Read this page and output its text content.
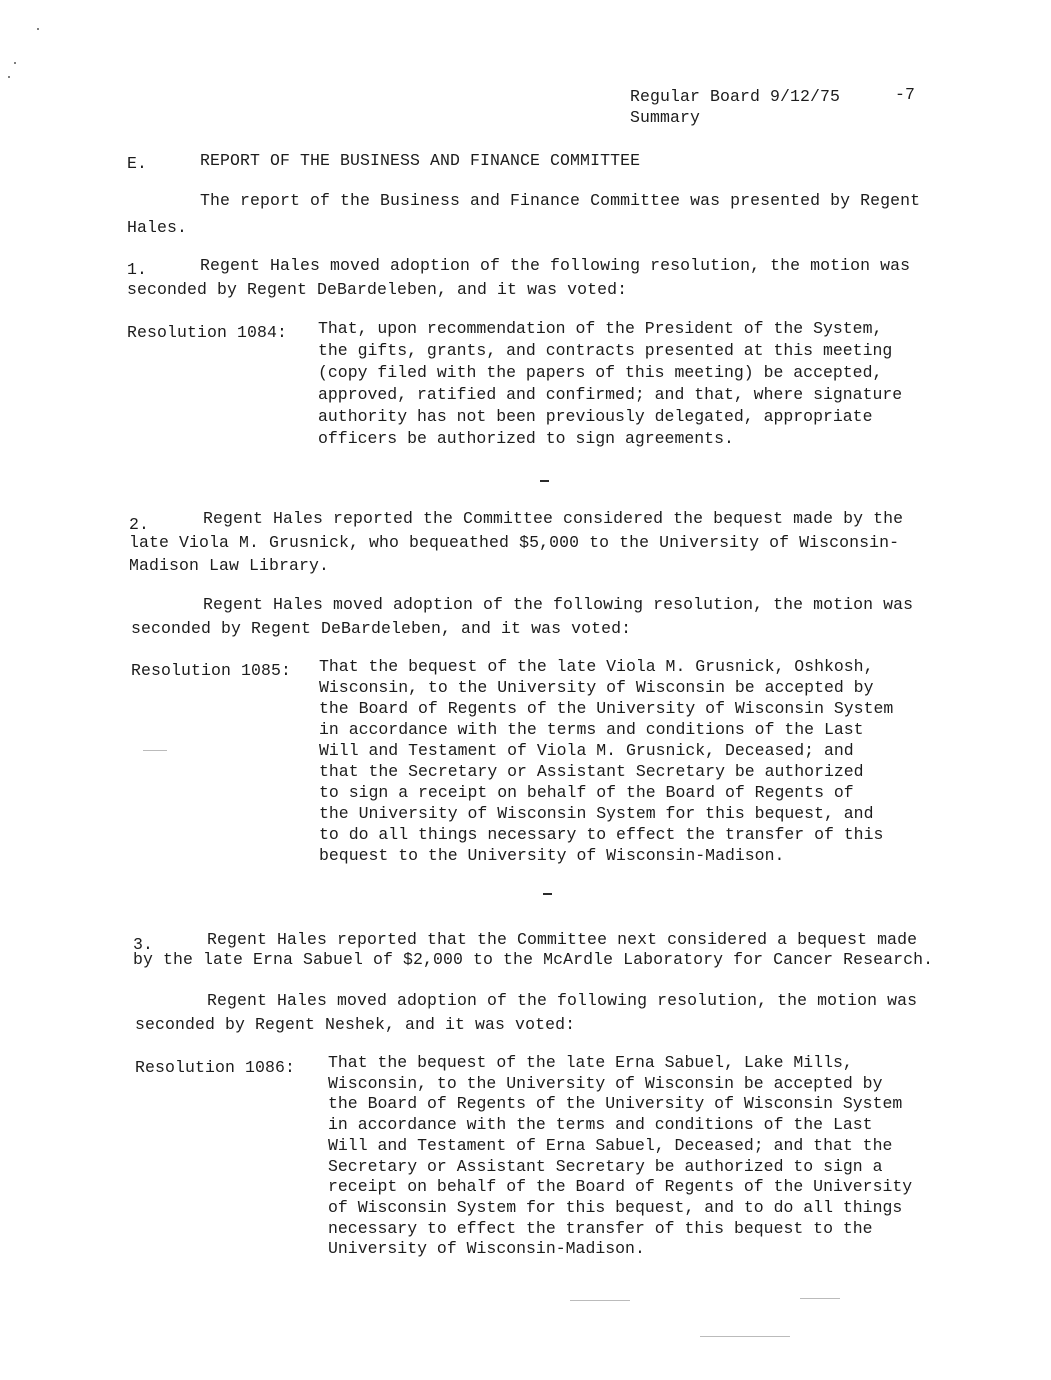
Regular Board 9/12/75	-7
Summary
E.	REPORT OF THE BUSINESS AND FINANCE COMMITTEE
The report of the Business and Finance Committee was presented by Regent
Hales.
1.	Regent Hales moved adoption of the following resolution, the motion was
seconded by Regent DeBardeleben, and it was voted:
Resolution 1084: That, upon recommendation of the President of the System,
the gifts, grants, and contracts presented at this meeting
(copy filed with the papers of this meeting) be accepted,
approved, ratified and confirmed; and that, where signature
authority has not been previously delegated, appropriate
officers be authorized to sign agreements.
2.	Regent Hales reported the Committee considered the bequest made by the
late Viola M. Grusnick, who bequeathed $5,000 to the University of Wisconsin-
Madison Law Library.
Regent Hales moved adoption of the following resolution, the motion was
seconded by Regent DeBardeleben, and it was voted:
Resolution 1085: That the bequest of the late Viola M. Grusnick, Oshkosh,
Wisconsin, to the University of Wisconsin be accepted by
the Board of Regents of the University of Wisconsin System
in accordance with the terms and conditions of the Last
Will and Testament of Viola M. Grusnick, Deceased; and
that the Secretary or Assistant Secretary be authorized
to sign a receipt on behalf of the Board of Regents of
the University of Wisconsin System for this bequest, and
to do all things necessary to effect the transfer of this
bequest to the University of Wisconsin-Madison.
3.	Regent Hales reported that the Committee next considered a bequest made
by the late Erna Sabuel of $2,000 to the McArdle Laboratory for Cancer Research.
Regent Hales moved adoption of the following resolution, the motion was
seconded by Regent Neshek, and it was voted:
Resolution 1086: That the bequest of the late Erna Sabuel, Lake Mills,
Wisconsin, to the University of Wisconsin be accepted by
the Board of Regents of the University of Wisconsin System
in accordance with the terms and conditions of the Last
Will and Testament of Erna Sabuel, Deceased; and that the
Secretary or Assistant Secretary be authorized to sign a
receipt on behalf of the Board of Regents of the University
of Wisconsin System for this bequest, and to do all things
necessary to effect the transfer of this bequest to the
University of Wisconsin-Madison.
